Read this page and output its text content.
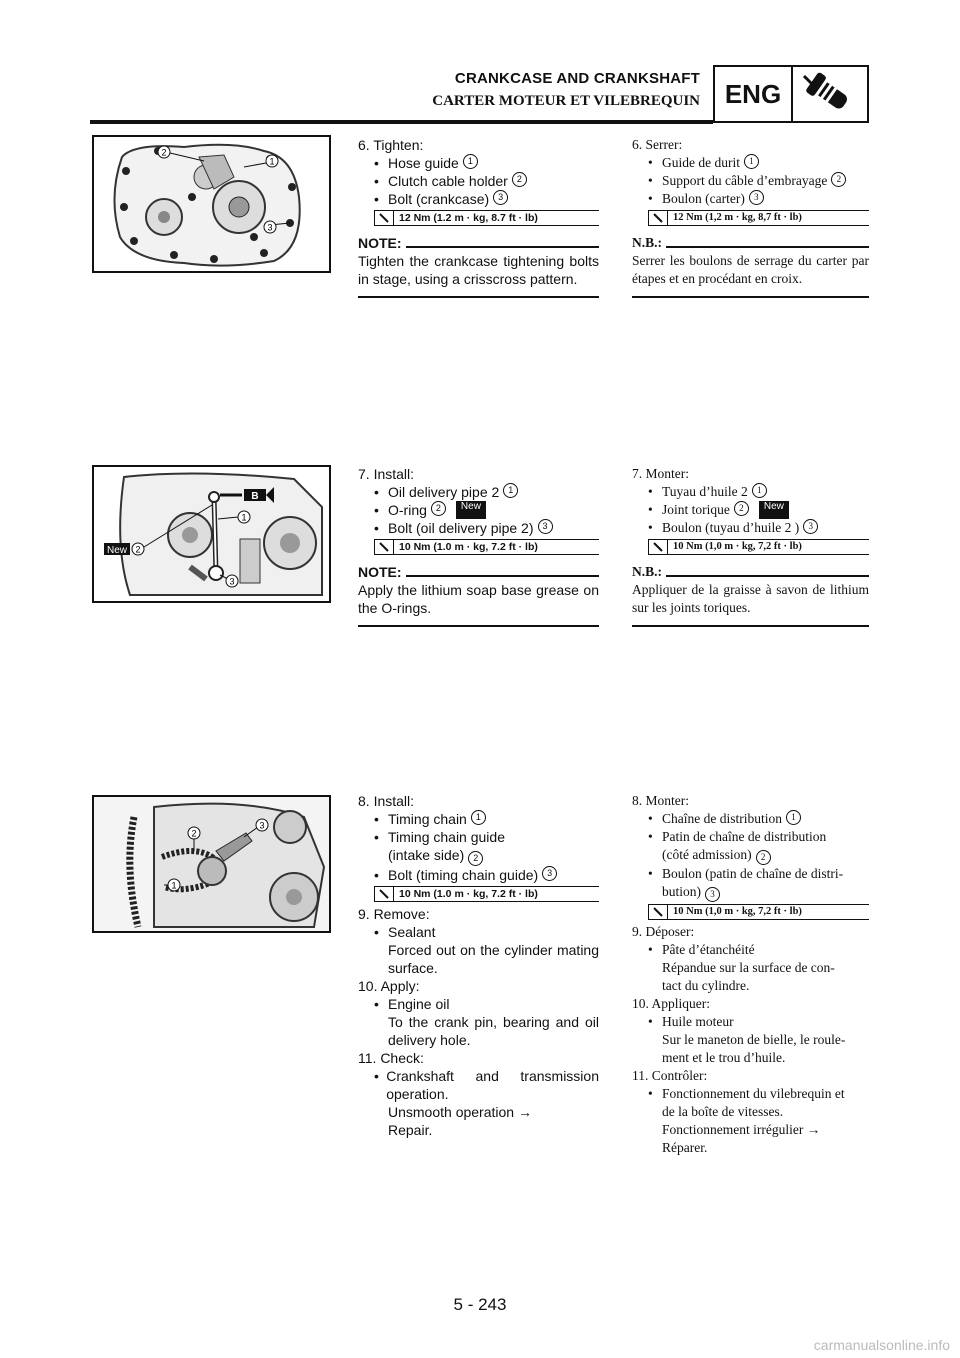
CRANKCASE AND CRANKSHAFT
CARTER MOTEUR ET VILEBREQUIN ENG
1
2
3
B
1
2
New
3
1
2
3
6. Tighten:
• Hose guide 1
• Clutch cable holder 2
• Bolt (crankcase) 3
12 Nm (1.2 m · kg, 8.7 ft · lb)
NOTE:
Tighten the crankcase tightening bolts in stage, using a crisscross pattern.
6. Serrer:
• Guide de durit	1
• Support du câble d’embrayage	2
• Boulon (carter)	3
12 Nm (1,2 m · kg, 8,7 ft · lb)
N.B.:
Serrer les boulons de serrage du carter par étapes et en procédant en croix.
7. Install:
• Oil delivery pipe 2 1
• O-ring 2	New
• Bolt (oil delivery pipe 2) 3
10 Nm (1.0 m · kg, 7.2 ft · lb)
NOTE:
Apply the lithium soap base grease on the O-rings.
7. Monter:
• Tuyau d’huile 2	1
• Joint torique	2	New
• Boulon (tuyau d’huile 2 )	3
10 Nm (1,0 m · kg, 7,2 ft · lb)
N.B.:
Appliquer de la graisse à savon de lithium sur les joints toriques.
8. Install:
• Timing chain 1
• Timing chain guide
(intake side) 2
• Bolt (timing chain guide) 3
10 Nm (1.0 m · kg, 7.2 ft · lb)
9. Remove:
• Sealant
Forced out on the cylinder mating surface.
10. Apply:
• Engine oil
To the crank pin, bearing and oil delivery hole.
11. Check:
• Crankshaft and transmission operation.
Unsmooth operation →
Repair.
8. Monter:
• Chaîne de distribution	1
• Patin de chaîne de distribution
(côté admission) 2
• Boulon (patin de chaîne de distri-
bution) 3
10 Nm (1,0 m · kg, 7,2 ft · lb)
9. Déposer:
• Pâte d’étanchéité
Répandue sur la surface de con-
tact du cylindre.
10. Appliquer:
• Huile moteur
Sur le maneton de bielle, le roule-
ment et le trou d’huile.
11. Contrôler:
• Fonctionnement du vilebrequin et
de la boîte de vitesses.
Fonctionnement irrégulier →
Réparer.
5 - 243
carmanualsonline.info
